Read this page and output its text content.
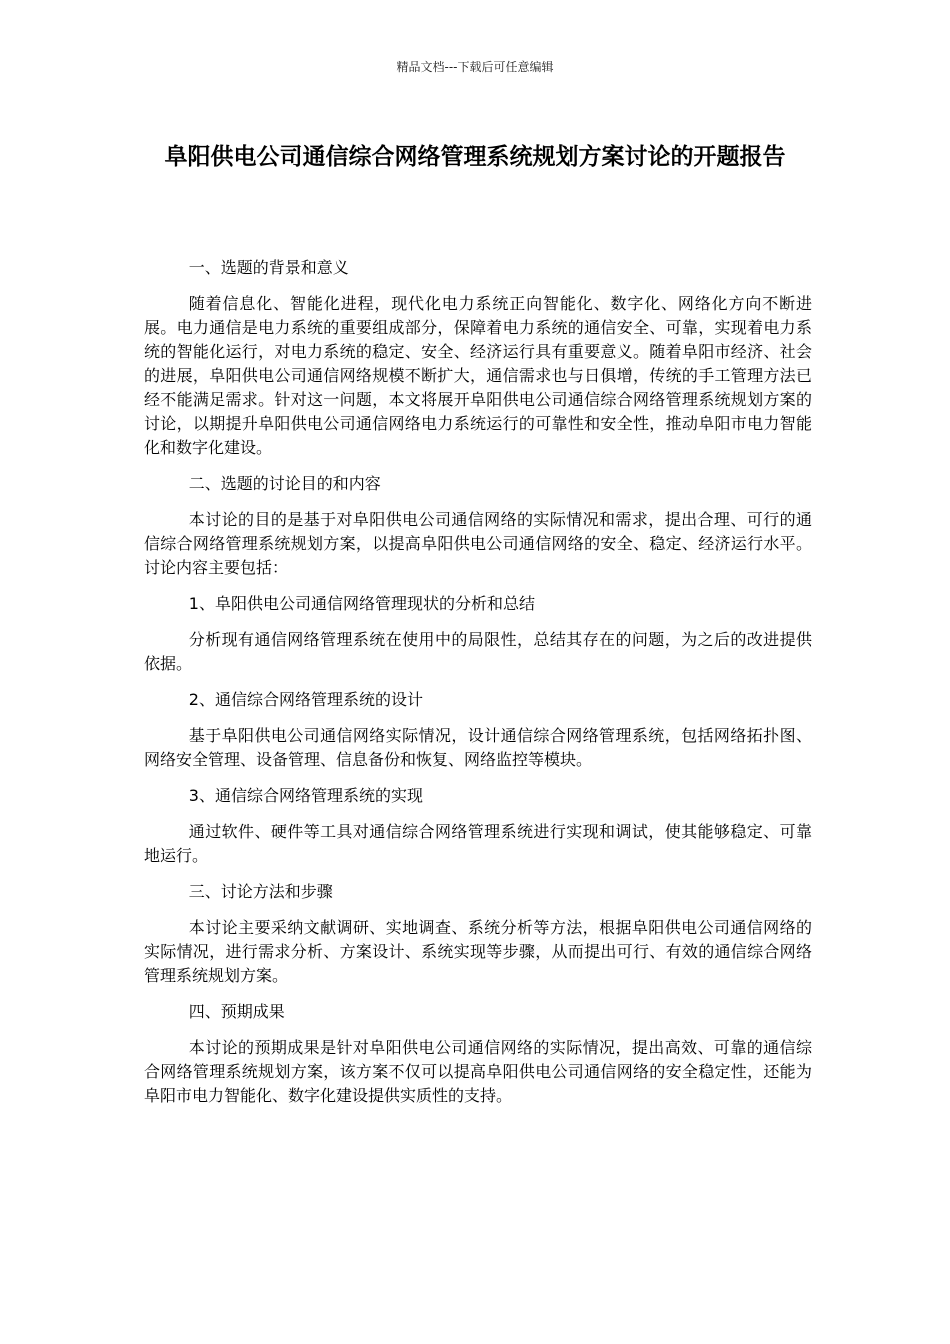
精品文档---下载后可任意编辑
阜阳供电公司通信综合网络管理系统规划方案讨论的开题报告
一、选题的背景和意义
随着信息化、智能化进程，现代化电力系统正向智能化、数字化、网络化方向不断进展。电力通信是电力系统的重要组成部分，保障着电力系统的通信安全、可靠，实现着电力系统的智能化运行，对电力系统的稳定、安全、经济运行具有重要意义。随着阜阳市经济、社会的进展，阜阳供电公司通信网络规模不断扩大，通信需求也与日俱增，传统的手工管理方法已经不能满足需求。针对这一问题，本文将展开阜阳供电公司通信综合网络管理系统规划方案的讨论，以期提升阜阳供电公司通信网络电力系统运行的可靠性和安全性，推动阜阳市电力智能化和数字化建设。
二、选题的讨论目的和内容
本讨论的目的是基于对阜阳供电公司通信网络的实际情况和需求，提出合理、可行的通信综合网络管理系统规划方案，以提高阜阳供电公司通信网络的安全、稳定、经济运行水平。讨论内容主要包括：
1、阜阳供电公司通信网络管理现状的分析和总结
分析现有通信网络管理系统在使用中的局限性，总结其存在的问题，为之后的改进提供依据。
2、通信综合网络管理系统的设计
基于阜阳供电公司通信网络实际情况，设计通信综合网络管理系统，包括网络拓扑图、网络安全管理、设备管理、信息备份和恢复、网络监控等模块。
3、通信综合网络管理系统的实现
通过软件、硬件等工具对通信综合网络管理系统进行实现和调试，使其能够稳定、可靠地运行。
三、讨论方法和步骤
本讨论主要采纳文献调研、实地调查、系统分析等方法，根据阜阳供电公司通信网络的实际情况，进行需求分析、方案设计、系统实现等步骤，从而提出可行、有效的通信综合网络管理系统规划方案。
四、预期成果
本讨论的预期成果是针对阜阳供电公司通信网络的实际情况，提出高效、可靠的通信综合网络管理系统规划方案，该方案不仅可以提高阜阳供电公司通信网络的安全稳定性，还能为阜阳市电力智能化、数字化建设提供实质性的支持。
